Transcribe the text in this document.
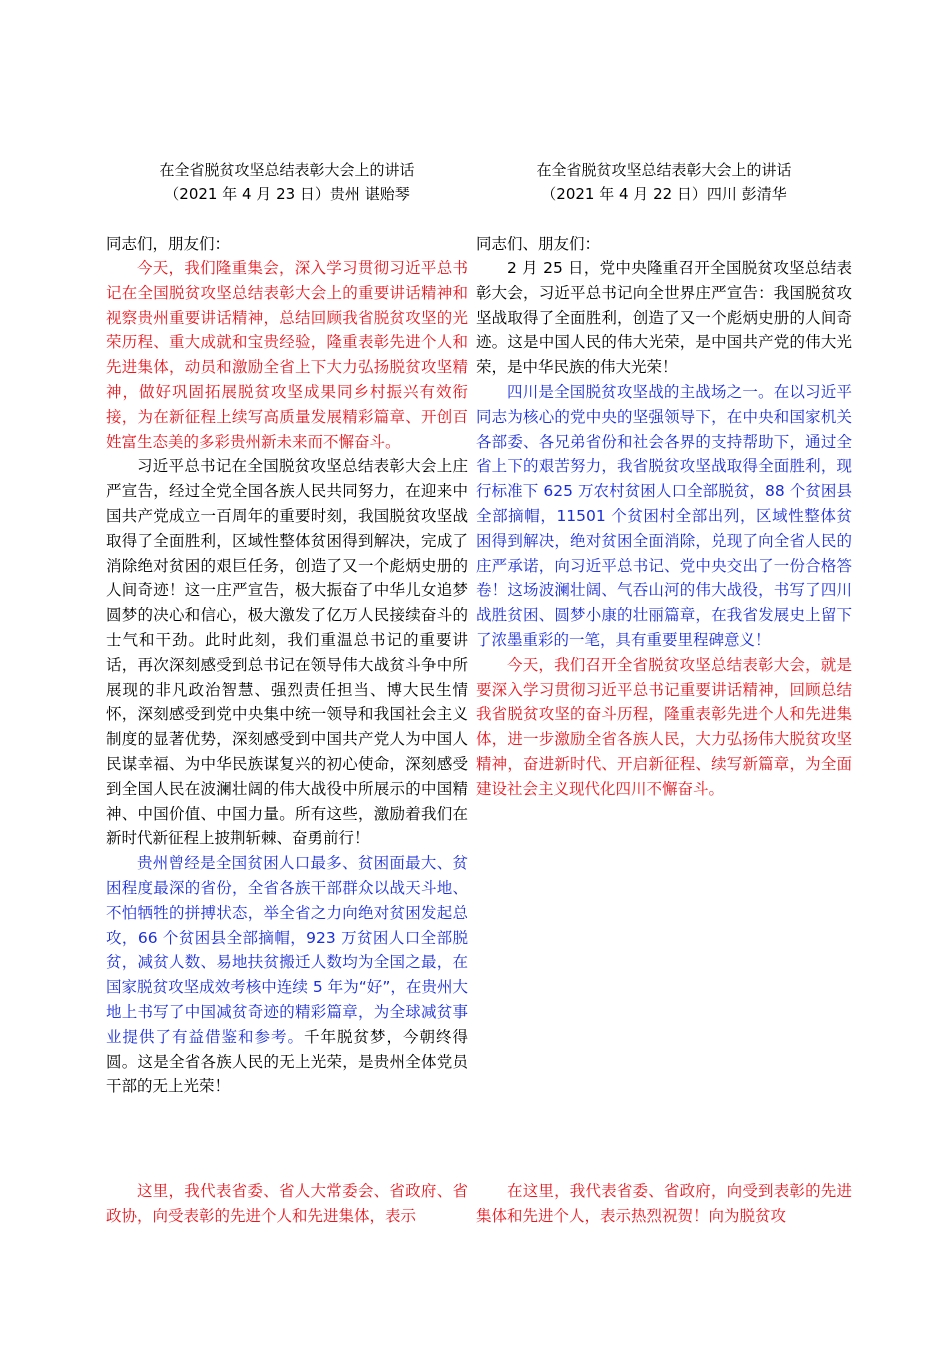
在全省脱贫攻坚总结表彰大会上的讲话
（2021 年 4 月 23 日）贵州 谌贻琴
同志们，朋友们：

今天，我们隆重集会，深入学习贯彻习近平总书记在全国脱贫攻坚总结表彰大会上的重要讲话精神和视察贵州重要讲话精神，总结回顾我省脱贫攻坚的光荣历程、重大成就和宝贵经验，隆重表彰先进个人和先进集体，动员和激励全省上下大力弘扬脱贫攻坚精神，做好巩固拓展脱贫攻坚成果同乡村振兴有效衔接，为在新征程上续写高质量发展精彩篇章、开创百姓富生态美的多彩贵州新未来而不懈奋斗。

习近平总书记在全国脱贫攻坚总结表彰大会上庄严宣告，经过全党全国各族人民共同努力，在迎来中国共产党成立一百周年的重要时刻，我国脱贫攻坚战取得了全面胜利，区域性整体贫困得到解决，完成了消除绝对贫困的艰巨任务，创造了又一个彪炳史册的人间奇迹！这一庄严宣告，极大振奋了中华儿女追梦圆梦的决心和信心，极大激发了亿万人民接续奋斗的士气和干劲。此时此刻，我们重温总书记的重要讲话，再次深刻感受到总书记在领导伟大战贫斗争中所展现的非凡政治智慧、强烈责任担当、博大民生情怀，深刻感受到党中央集中统一领导和我国社会主义制度的显著优势，深刻感受到中国共产党人为中国人民谋幸福、为中华民族谋复兴的初心使命，深刻感受到全国人民在波澜壮阔的伟大战役中所展示的中国精神、中国价值、中国力量。所有这些，激励着我们在新时代新征程上披荆斩棘、奋勇前行！

贵州曾经是全国贫困人口最多、贫困面最大、贫困程度最深的省份，全省各族干部群众以战天斗地、不怕牺牲的拼搏状态，举全省之力向绝对贫困发起总攻，66 个贫困县全部摘帽，923 万贫困人口全部脱贫，减贫人数、易地扶贫搬迁人数均为全国之最，在国家脱贫攻坚成效考核中连续 5 年为“好”，在贵州大地上书写了中国减贫奇迹的精彩篇章，为全球减贫事业提供了有益借鉴和参考。千年脱贫梦，今朝终得圆。这是全省各族人民的无上光荣，是贵州全体党员干部的无上光荣！

这里，我代表省委、省人大常委会、省政府、省政协，向受表彰的先进个人和先进集体，表示

在全省脱贫攻坚总结表彰大会上的讲话
（2021 年 4 月 22 日）四川 彭清华
同志们、朋友们：

2 月 25 日，党中央隆重召开全国脱贫攻坚总结表彰大会，习近平总书记向全世界庄严宣告：我国脱贫攻坚战取得了全面胜利，创造了又一个彪炳史册的人间奇迹。这是中国人民的伟大光荣，是中国共产党的伟大光荣，是中华民族的伟大光荣！

四川是全国脱贫攻坚战的主战场之一。在以习近平同志为核心的党中央的坚强领导下，在中央和国家机关各部委、各兄弟省份和社会各界的支持帮助下，通过全省上下的艰苦努力，我省脱贫攻坚战取得全面胜利，现行标准下 625 万农村贫困人口全部脱贫，88 个贫困县全部摘帽，11501 个贫困村全部出列，区域性整体贫困得到解决，绝对贫困全面消除，兑现了向全省人民的庄严承诺，向习近平总书记、党中央交出了一份合格答卷！这场波澜壮阔、气吞山河的伟大战役，书写了四川战胜贫困、圆梦小康的壮丽篇章，在我省发展史上留下了浓墨重彩的一笔，具有重要里程碑意义！

今天，我们召开全省脱贫攻坚总结表彰大会，就是要深入学习贯彻习近平总书记重要讲话精神，回顾总结我省脱贫攻坚的奋斗历程，隆重表彰先进个人和先进集体，进一步激励全省各族人民，大力弘扬伟大脱贫攻坚精神，奋进新时代、开启新征程、续写新篇章，为全面建设社会主义现代化四川不懈奋斗。

在这里，我代表省委、省政府，向受到表彰的先进集体和先进个人，表示热烈祝贺！向为脱贫攻
